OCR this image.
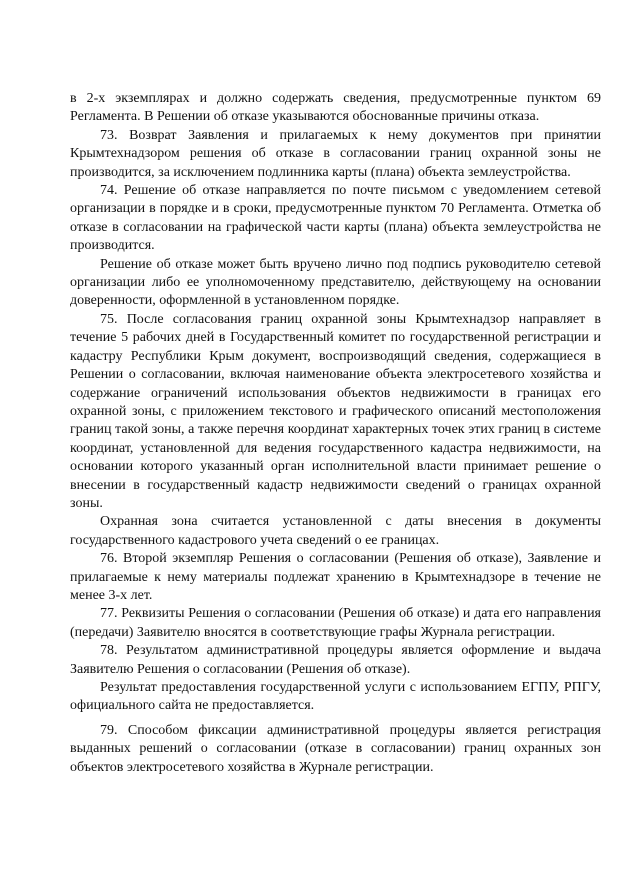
в 2-х экземплярах и должно содержать сведения, предусмотренные пунктом 69 Регламента. В Решении об отказе указываются обоснованные причины отказа.

73. Возврат Заявления и прилагаемых к нему документов при принятии Крымтехнадзором решения об отказе в согласовании границ охранной зоны не производится, за исключением подлинника карты (плана) объекта землеустройства.

74. Решение об отказе направляется по почте письмом с уведомлением сетевой организации в порядке и в сроки, предусмотренные пунктом 70 Регламента. Отметка об отказе в согласовании на графической части карты (плана) объекта землеустройства не производится.

Решение об отказе может быть вручено лично под подпись руководителю сетевой организации либо ее уполномоченному представителю, действующему на основании доверенности, оформленной в установленном порядке.

75. После согласования границ охранной зоны Крымтехнадзор направляет в течение 5 рабочих дней в Государственный комитет по государственной регистрации и кадастру Республики Крым документ, воспроизводящий сведения, содержащиеся в Решении о согласовании, включая наименование объекта электросетевого хозяйства и содержание ограничений использования объектов недвижимости в границах его охранной зоны, с приложением текстового и графического описаний местоположения границ такой зоны, а также перечня координат характерных точек этих границ в системе координат, установленной для ведения государственного кадастра недвижимости, на основании которого указанный орган исполнительной власти принимает решение о внесении в государственный кадастр недвижимости сведений о границах охранной зоны.

Охранная зона считается установленной с даты внесения в документы государственного кадастрового учета сведений о ее границах.

76. Второй экземпляр Решения о согласовании (Решения об отказе), Заявление и прилагаемые к нему материалы подлежат хранению в Крымтехнадзоре в течение не менее 3-х лет.

77. Реквизиты Решения о согласовании (Решения об отказе) и дата его направления (передачи) Заявителю вносятся в соответствующие графы Журнала регистрации.

78. Результатом административной процедуры является оформление и выдача Заявителю Решения о согласовании (Решения об отказе).

Результат предоставления государственной услуги с использованием ЕГПУ, РПГУ, официального сайта не предоставляется.

79. Способом фиксации административной процедуры является регистрация выданных решений о согласовании (отказе в согласовании) границ охранных зон объектов электросетевого хозяйства в Журнале регистрации.
